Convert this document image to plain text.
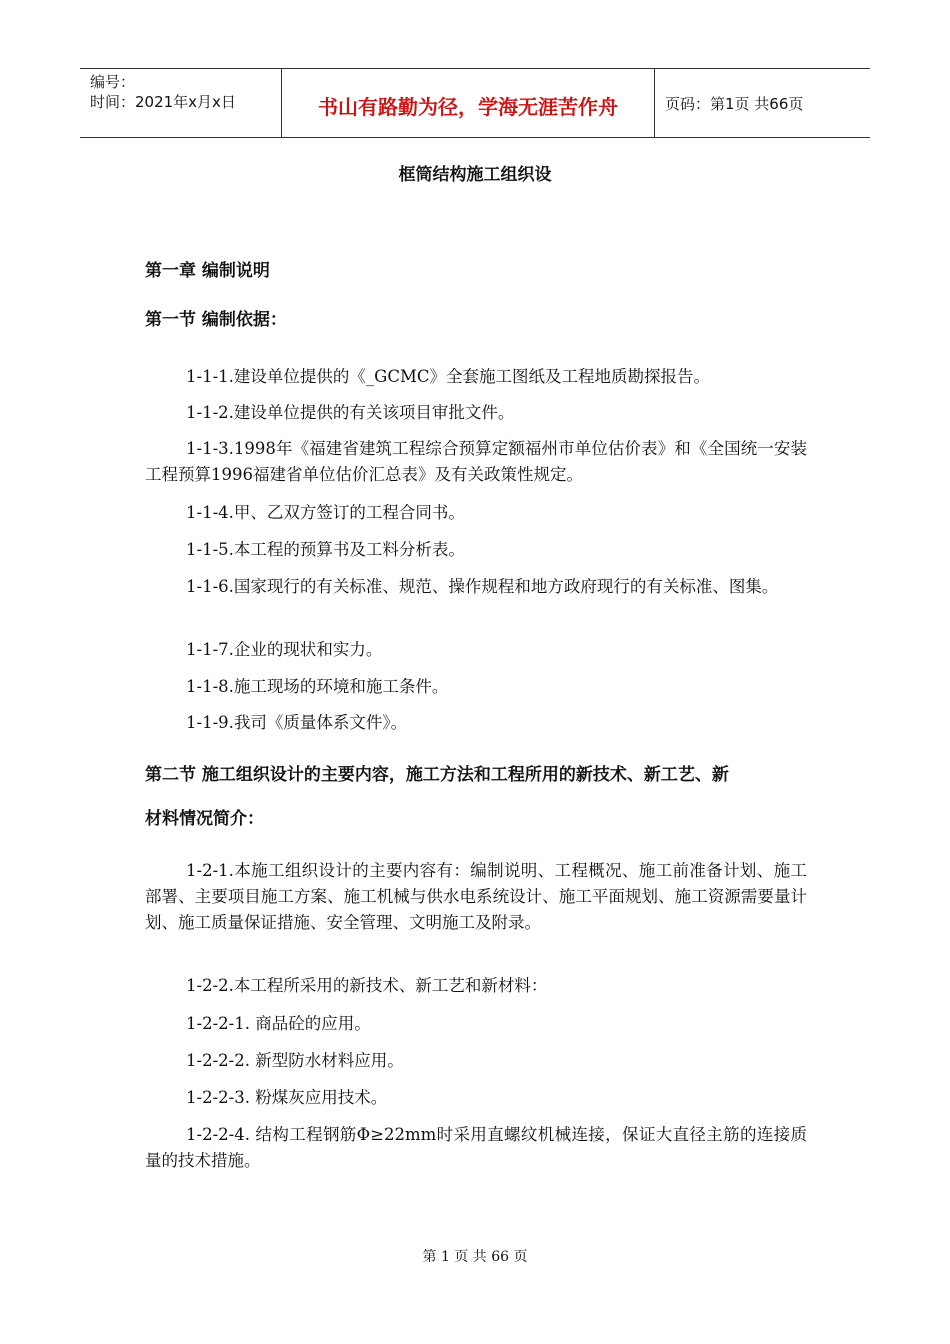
编号：
时间：2021年x月x日	书山有路勤为径，学海无涯苦作舟	页码：第1页 共66页
框筒结构施工组织设
第一章 编制说明
第一节 编制依据：
1-1-1.建设单位提供的《_GCMC》全套施工图纸及工程地质勘探报告。
1-1-2.建设单位提供的有关该项目审批文件。
1-1-3.1998年《福建省建筑工程综合预算定额福州市单位估价表》和《全国统一安装工程预算1996福建省单位估价汇总表》及有关政策性规定。
1-1-4.甲、乙双方签订的工程合同书。
1-1-5.本工程的预算书及工料分析表。
1-1-6.国家现行的有关标准、规范、操作规程和地方政府现行的有关标准、图集。
1-1-7.企业的现状和实力。
1-1-8.施工现场的环境和施工条件。
1-1-9.我司《质量体系文件》。
第二节 施工组织设计的主要内容，施工方法和工程所用的新技术、新工艺、新
材料情况简介：
1-2-1.本施工组织设计的主要内容有：编制说明、工程概况、施工前准备计划、施工部署、主要项目施工方案、施工机械与供水电系统设计、施工平面规划、施工资源需要量计划、施工质量保证措施、安全管理、文明施工及附录。
1-2-2.本工程所采用的新技术、新工艺和新材料：
1-2-2-1. 商品砼的应用。
1-2-2-2. 新型防水材料应用。
1-2-2-3. 粉煤灰应用技术。
1-2-2-4. 结构工程钢筋Φ≥22mm时采用直螺纹机械连接，保证大直径主筋的连接质量的技术措施。
第 1 页 共 66 页
